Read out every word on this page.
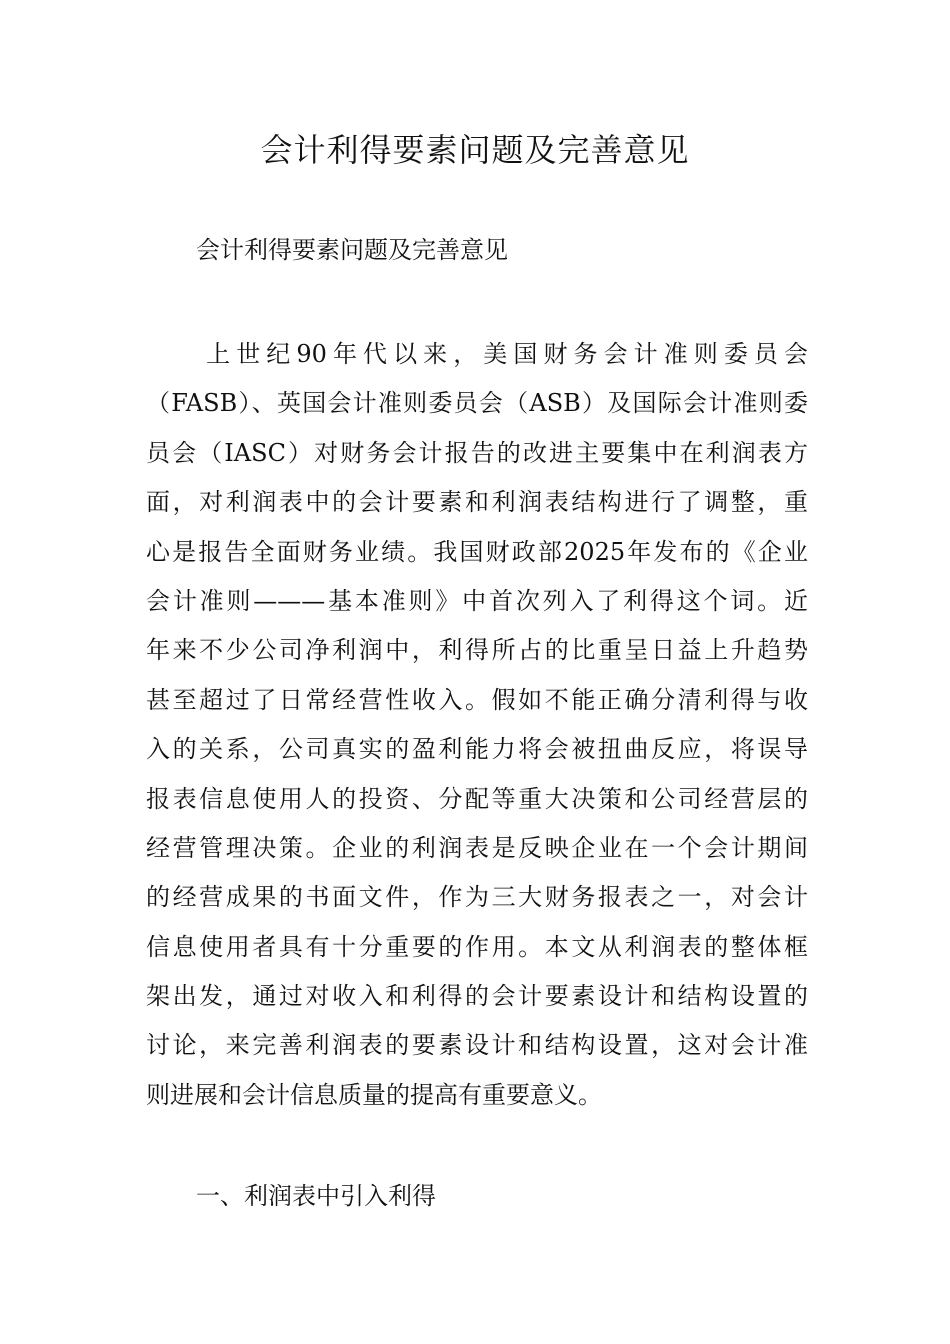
会计利得要素问题及完善意见
会计利得要素问题及完善意见
　　上世纪90年代以来，美国财务会计准则委员会
（FASB）、英国会计准则委员会（ASB）及国际会计准则委
员会（IASC）对财务会计报告的改进主要集中在利润表方
面，对利润表中的会计要素和利润表结构进行了调整，重
心是报告全面财务业绩。我国财政部2025年发布的《企业
会计准则———基本准则》中首次列入了利得这个词。近
年来不少公司净利润中，利得所占的比重呈日益上升趋势
甚至超过了日常经营性收入。假如不能正确分清利得与收
入的关系，公司真实的盈利能力将会被扭曲反应，将误导
报表信息使用人的投资、分配等重大决策和公司经营层的
经营管理决策。企业的利润表是反映企业在一个会计期间
的经营成果的书面文件，作为三大财务报表之一，对会计
信息使用者具有十分重要的作用。本文从利润表的整体框
架出发，通过对收入和利得的会计要素设计和结构设置的
讨论，来完善利润表的要素设计和结构设置，这对会计准
则进展和会计信息质量的提高有重要意义。
一、利润表中引入利得
